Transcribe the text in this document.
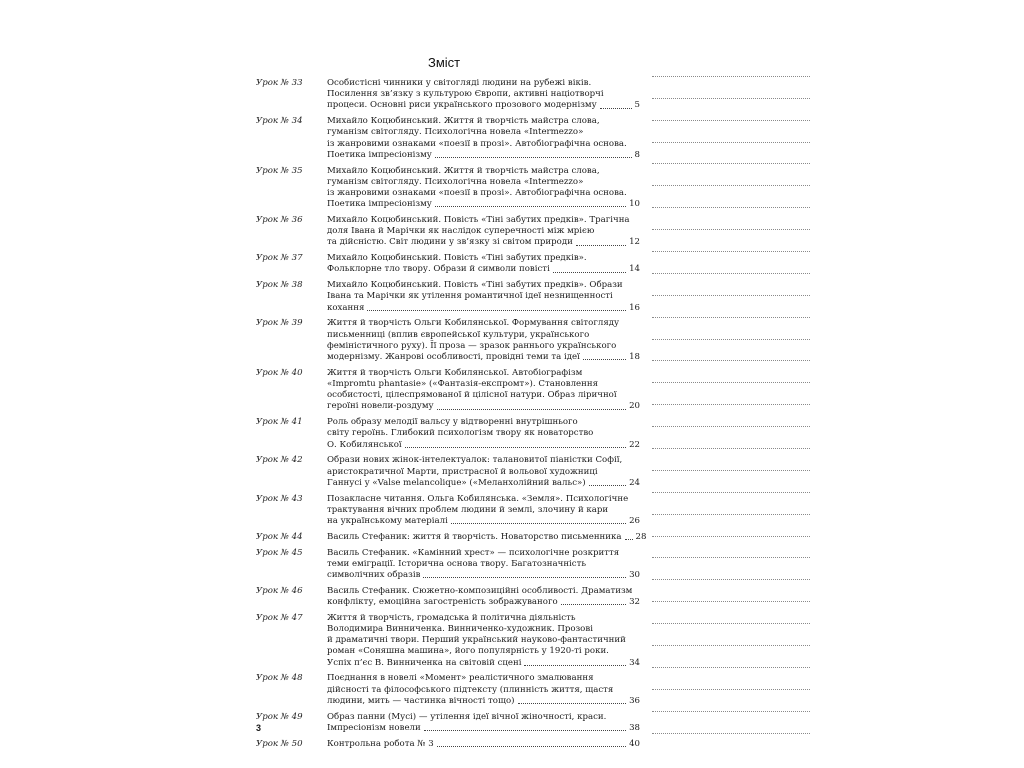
Зміст
Урок № 33	Особистісні чинники у світогляді людини на рубежі віків.
Посилення зв’язку з культурою Європи, активні націотворчі
процеси. Основні риси українського прозового модернізму	5
Урок № 34	Михайло Коцюбинський. Життя й творчість майстра слова,
гуманізм світогляду. Психологічна новела «Intermezzo»
із жанровими ознаками «поезії в прозі». Автобіографічна основа.
Поетика імпресіонізму	8
Урок № 35	Михайло Коцюбинський. Життя й творчість майстра слова,
гуманізм світогляду. Психологічна новела «Intermezzo»
із жанровими ознаками «поезії в прозі». Автобіографічна основа.
Поетика імпресіонізму	10
Урок № 36	Михайло Коцюбинський. Повість «Тіні забутих предків». Трагічна
доля Івана й Марічки як наслідок суперечності між мрією
та дійсністю. Світ людини у зв’язку зі світом природи	12
Урок № 37	Михайло Коцюбинський. Повість «Тіні забутих предків».
Фольклорне тло твору. Образи й символи повісті	14
Урок № 38	Михайло Коцюбинський. Повість «Тіні забутих предків». Образи
Івана та Марічки як утілення романтичної ідеї незнищенності
кохання	16
Урок № 39	Життя й творчість Ольги Кобилянської. Формування світогляду
письменниці (вплив європейської культури, українського
феміністичного руху). Її проза — зразок раннього українського
модернізму. Жанрові особливості, провідні теми та ідеї	18
Урок № 40	Життя й творчість Ольги Кобилянської. Автобіографізм
«Impromtu phantasie» («Фантазія-експромт»). Становлення
особистості, цілеспрямованої й цілісної натури. Образ ліричної
героїні новели-роздуму	20
Урок № 41	Роль образу мелодії вальсу у відтворенні внутрішнього
світу героїнь. Глибокий психологізм твору як новаторство
О. Кобилянської	22
Урок № 42	Образи нових жінок-інтелектуалок: талановитої піаністки Софії,
аристократичної Марти, пристрасної й вольової художниці
Ганнусі у «Valse melancolique» («Меланхолійний вальс»)	24
Урок № 43	Позакласне читання. Ольга Кобилянська. «Земля». Психологічне
трактування вічних проблем людини й землі, злочину й кари
на українському матеріалі	26
Урок № 44	Василь Стефаник: життя й творчість. Новаторство письменника 28
Урок № 45	Василь Стефаник. «Камінний хрест» — психологічне розкриття
теми еміграції. Історична основа твору. Багатозначність
символічних образів	30
Урок № 46	Василь Стефаник. Сюжетно-композиційні особливості. Драматизм
конфлікту, емоційна загостреність зображуваного	32
Урок № 47	Життя й творчість, громадська й політична діяльність
Володимира Винниченка. Винниченко-художник. Прозові
й драматичні твори. Перший український науково-фантастичний
роман «Соняшна машина», його популярність у 1920-ті роки.
Успіх п’єс В. Винниченка на світовій сцені	34
Урок № 48	Поєднання в новелі «Момент» реалістичного змалювання
дійсності та філософського підтексту (плинність життя, щастя
людини, мить — частинка вічності тощо)	36
Урок № 49	Образ панни (Мусі) — утілення ідеї вічної жіночності, краси.
Імпресіонізм новели	38
Урок № 50	Контрольна робота № 3	40
3
